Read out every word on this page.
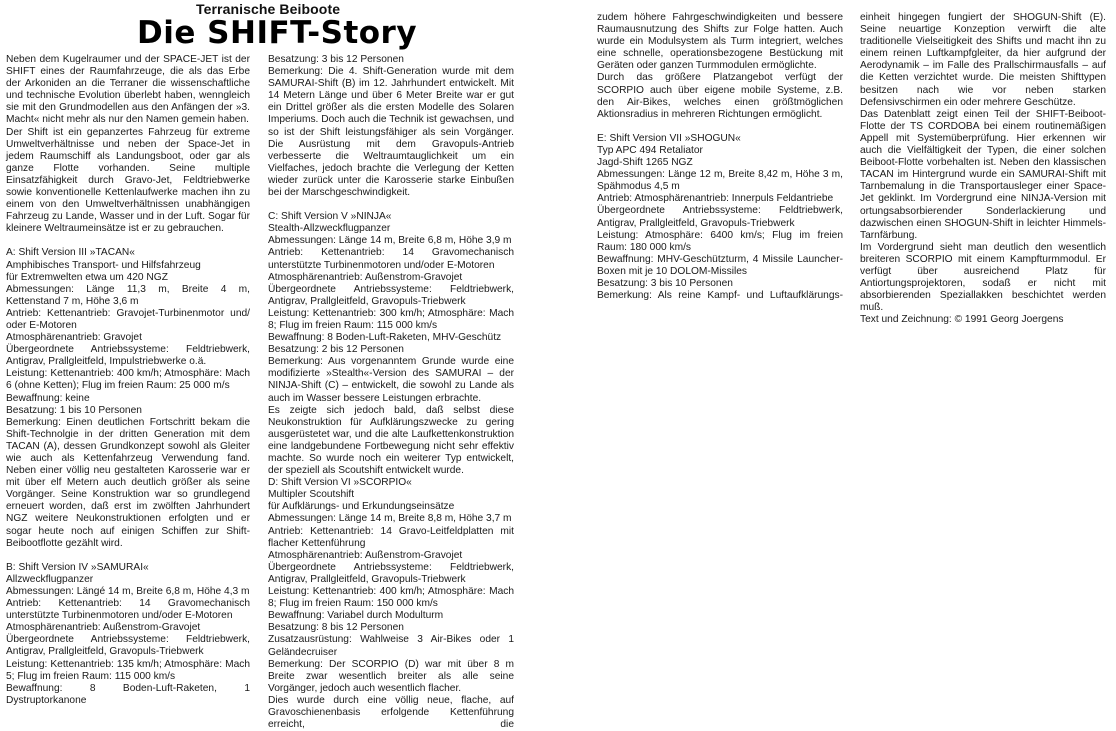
Terranische Beiboote
Die SHIFT-Story

Neben dem Kugelraumer und der SPACE-JET ist der SHIFT eines der Raumfahrzeuge, die als das Erbe der Arkoniden an die Terraner die wissenschaftliche und technische Evolution überlebt haben, wenngleich sie mit den Grundmodellen aus den Anfängen der »3. Macht« nicht mehr als nur den Namen gemein haben.

Der Shift ist ein gepanzertes Fahrzeug für extreme Umweltverhältnisse und neben der Space-Jet in jedem Raumschiff als Landungsboot, oder gar als ganze Flotte vorhanden. Seine multiple Einsatzfähigkeit durch Gravo-Jet, Feldtriebwerke sowie konventionelle Kettenlaufwerke machen ihn zu einem von den Umweltverhältnissen unabhängigen Fahrzeug zu Lande, Wasser und in der Luft. Sogar für kleinere Weltraumeinsätze ist er zu gebrauchen.

A: Shift Version III »TACAN«

Amphibisches Transport- und Hilfsfahrzeug

für Extremwelten etwa um 420 NGZ

Abmessungen: Länge 11,3 m, Breite 4 m, Kettenstand 7 m, Höhe 3,6 m

Antrieb: Kettenantrieb: Gravojet-Turbinenmotor und/ oder E-Motoren

Atmosphärenantrieb: Gravojet

Übergeordnete Antriebssysteme: Feldtriebwerk, Antigrav, Prallgleitfeld, Impulstriebwerke o.ä.

Leistung: Kettenantrieb: 400 km/h; Atmosphäre: Mach 6 (ohne Ketten); Flug im freien Raum: 25 000 m/s

Bewaffnung: keine

Besatzung: 1 bis 10 Personen

Bemerkung: Einen deutlichen Fortschritt bekam die Shift-Technolgie in der dritten Generation mit dem TACAN (A), dessen Grundkonzept sowohl als Gleiter wie auch als Kettenfahrzeug Verwendung fand. Neben einer völlig neu gestalteten Karosserie war er mit über elf Metern auch deutlich größer als seine Vorgänger. Seine Konstruktion war so grundlegend erneuert worden, daß erst im zwölften Jahrhundert NGZ weitere Neukonstruktionen erfolgten und er sogar heute noch auf einigen Schiffen zur Shift-Beibootflotte gezählt wird.

B: Shift Version IV »SAMURAI«

Allzweckflugpanzer

Abmessungen: Längé 14 m, Breite 6,8 m, Höhe 4,3 m

Antrieb: Kettenantrieb: 14 Gravomechanisch unterstützte Turbinenmotoren und/oder E-Motoren

Atmosphärenantrieb: Außenstrom-Gravojet

Übergeordnete Antriebssysteme: Feldtriebwerk, Antigrav, Prallgleitfeld, Gravopuls-Triebwerk

Leistung: Kettenantrieb: 135 km/h; Atmosphäre: Mach 5; Flug im freien Raum: 115 000 km/s

Bewaffnung: 8 Boden-Luft-Raketen, 1 Dystruptorkanone

Besatzung: 3 bis 12 Personen

Bemerkung: Die 4. Shift-Generation wurde mit dem SAMURAI-Shift (B) im 12. Jahrhundert entwickelt. Mit 14 Metern Länge und über 6 Meter Breite war er gut ein Drittel größer als die ersten Modelle des Solaren Imperiums. Doch auch die Technik ist gewachsen, und so ist der Shift leistungsfähiger als sein Vorgänger. Die Ausrüstung mit dem Gravopuls-Antrieb verbesserte die Weltraumtauglichkeit um ein Vielfaches, jedoch brachte die Verlegung der Ketten wieder zurück unter die Karosserie starke Einbußen bei der Marschgeschwindigkeit.

C: Shift Version V »NINJA«

Stealth-Allzweckflugpanzer

Abmessungen: Länge 14 m, Breite 6,8 m, Höhe 3,9 m

Antrieb: Kettenantrieb: 14 Gravomechanisch unterstützte Turbinenmotoren und/oder E-Motoren

Atmosphärenantrieb: Außenstrom-Gravojet

Übergeordnete Antriebssysteme: Feldtriebwerk, Antigrav, Prallgleitfeld, Gravopuls-Triebwerk

Leistung: Kettenantrieb: 300 km/h; Atmosphäre: Mach 8; Flug im freien Raum: 115 000 km/s

Bewaffnung: 8 Boden-Luft-Raketen, MHV-Geschütz

Besatzung: 2 bis 12 Personen

Bemerkung: Aus vorgenanntem Grunde wurde eine modifizierte »Stealth«-Version des SAMURAI – der NINJA-Shift (C) – entwickelt, die sowohl zu Lande als auch im Wasser bessere Leistungen erbrachte.

Es zeigte sich jedoch bald, daß selbst diese Neukonstruktion für Aufklärungszwecke zu gering ausgerüstetet war, und die alte Laufkettenkonstruktion eine landgebundene Fortbewegung nicht sehr effektiv machte. So wurde noch ein weiterer Typ entwickelt, der speziell als Scoutshift entwickelt wurde.

D: Shift Version VI »SCORPIO«

Multipler Scoutshift

für Aufklärungs- und Erkundungseinsätze

Abmessungen: Länge 14 m, Breite 8,8 m, Höhe 3,7 m

Antrieb: Kettenantrieb: 14 Gravo-Leitfeldplatten mit flacher Kettenführung

Atmosphärenantrieb: Außenstrom-Gravojet

Übergeordnete Antriebssysteme: Feldtriebwerk, Antigrav, Prallgleitfeld, Gravopuls-Triebwerk

Leistung: Kettenantrieb: 400 km/h; Atmosphäre: Mach 8; Flug im freien Raum: 150 000 km/s

Bewaffnung: Variabel durch Modulturm

Besatzung: 8 bis 12 Personen

Zusatzausrüstung: Wahlweise 3 Air-Bikes oder 1 Geländecruiser

Bemerkung: Der SCORPIO (D) war mit über 8 m Breite zwar wesentlich breiter als alle seine Vorgänger, jedoch auch wesentlich flacher.

Dies wurde durch eine völlig neue, flache, auf Gravoschienenbasis erfolgende Kettenführung erreicht, die

zudem höhere Fahrgeschwindigkeiten und bessere Raumausnutzung des Shifts zur Folge hatten. Auch wurde ein Modulsystem als Turm integriert, welches eine schnelle, operationsbezogene Bestückung mit Geräten oder ganzen Turmmodulen ermöglichte.

Durch das größere Platzangebot verfügt der SCORPIO auch über eigene mobile Systeme, z.B. den Air-Bikes, welches einen größtmöglichen Aktionsradius in mehreren Richtungen ermöglicht.

E: Shift Version VII »SHOGUN«

Typ APC 494 Retaliator

Jagd-Shift 1265 NGZ

Abmessungen: Länge 12 m, Breite 8,42 m, Höhe 3 m, Spähmodus 4,5 m

Antrieb: Atmosphärenantrieb: Innerpuls Feldantriebe

Übergeordnete Antriebssysteme: Feldtriebwerk, Antigrav, Prallgleitfeld, Gravopuls-Triebwerk

Leistung: Atmosphäre: 6400 km/s; Flug im freien Raum: 180 000 km/s

Bewaffnung: MHV-Geschützturm, 4 Missile Launcher-Boxen mit je 10 DOLOM-Missiles

Besatzung: 3 bis 10 Personen

Bemerkung: Als reine Kampf- und Luftaufklärungs-

einheit hingegen fungiert der SHOGUN-Shift (E). Seine neuartige Konzeption verwirft die alte traditionelle Vielseitigkeit des Shifts und macht ihn zu einem reinen Luftkampfgleiter, da hier aufgrund der Aerodynamik – im Falle des Prallschirmausfalls – auf die Ketten verzichtet wurde. Die meisten Shifttypen besitzen nach wie vor neben starken Defensivschirmen ein oder mehrere Geschütze.

Das Datenblatt zeigt einen Teil der SHIFT-Beiboot-Flotte der TS CORDOBA bei einem routinemäßigen Appell mit Systemüberprüfung. Hier erkennen wir auch die Vielfältigkeit der Typen, die einer solchen Beiboot-Flotte vorbehalten ist. Neben den klassischen TACAN im Hintergrund wurde ein SAMURAI-Shift mit Tarnbemalung in die Transportausleger einer Space-Jet geklinkt. Im Vordergrund eine NINJA-Version mit ortungsabsorbierender Sonderlackierung und dazwischen einen SHOGUN-Shift in leichter Himmels-Tarnfärbung.

Im Vordergrund sieht man deutlich den wesentlich breiteren SCORPIO mit einem Kampfturmmodul. Er verfügt über ausreichend Platz für Antiortungsprojektoren, sodaß er nicht mit absorbierenden Speziallakken beschichtet werden muß.

Text und Zeichnung: © 1991 Georg Joergens
